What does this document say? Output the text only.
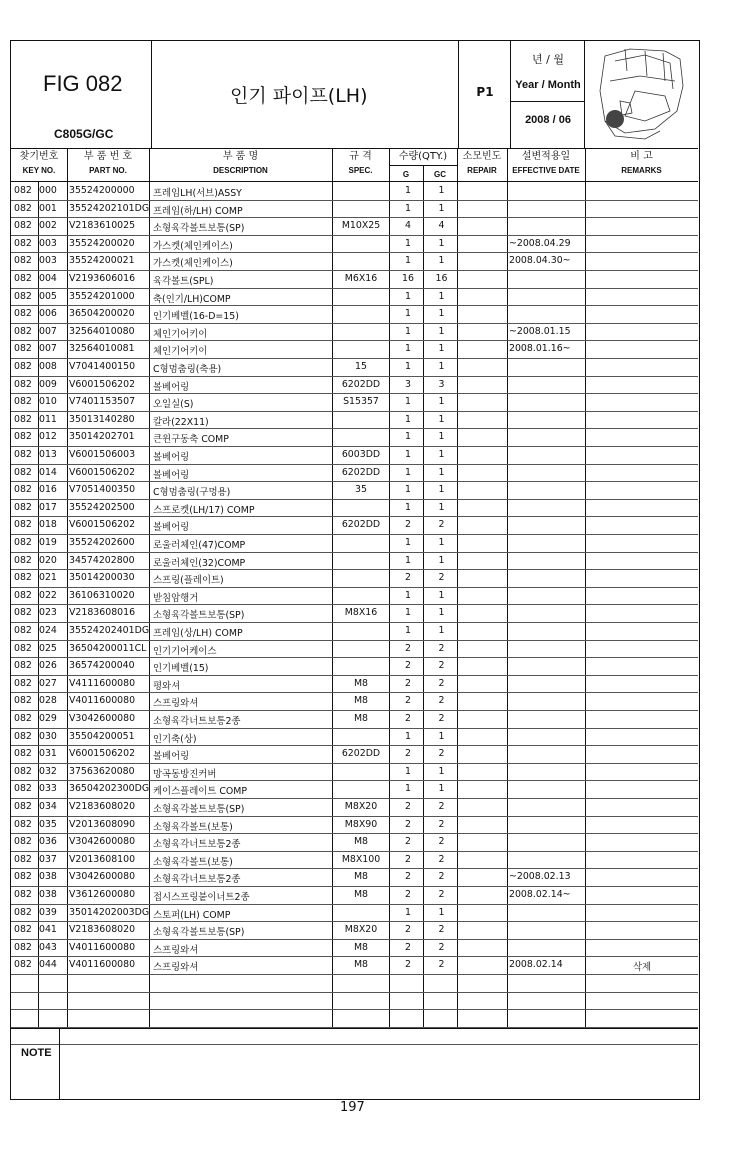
FIG 082
C805G/GC
인기 파이프(LH)	P1
년 / 월
Year / Month
2008 / 06
찾기번호
KEY NO.
부 품 번 호
PART NO.
부 품 명
DESCRIPTION
규 격
SPEC.
수량(QTY.)
G	GC
소모빈도
REPAIR
설변적용일
EFFECTIVE DATE
비 고
REMARKS
082 000	35524200000 프레임LH(서브)ASSY	1	1
082 001	35524202101DG 프레임(하/LH) COMP	1	1
082 002	V2183610025 소형육각볼트보통(SP)	M10X25	4	4
082 003	35524200020 가스켓(체인케이스)	1	1	~2008.04.29
082 003	35524200021 가스켓(체인케이스)	1	1	2008.04.30~
082 004	V2193606016 육각볼트(SPL)	M6X16	16	16
082 005	35524201000 축(인기/LH)COMP	1	1
082 006	36504200020 인기베벨(16-D=15)	1	1
082 007	32564010080 체인기어키이	1	1	~2008.01.15
082 007	32564010081 체인기어키이	1	1	2008.01.16~
082 008	V7041400150 C형멈춤링(축용)	15	1	1
082 009	V6001506202 볼베어링	6202DD	3	3
082 010	V7401153507 오일실(S)	S15357	1	1
082 011	35013140280 칼라(22X11)	1	1
082 012	35014202701 큰윈구동축 COMP	1	1
082 013	V6001506003 볼베어링	6003DD	1	1
082 014	V6001506202 볼베어링	6202DD	1	1
082 016	V7051400350 C형멈춤링(구멍용)	35	1	1
082 017	35524202500 스프로켓(LH/17) COMP	1	1
082 018	V6001506202 볼베어링	6202DD	2	2
082 019	35524202600 로울러체인(47)COMP	1	1
082 020	34574202800 로울러체인(32)COMP	1	1
082 021	35014200030 스프링(플레이트)	2	2
082 022	36106310020 받침암행거	1	1
082 023	V2183608016 소형육각볼트보통(SP)	M8X16	1	1
082 024	35524202401DG 프레임(상/LH) COMP	1	1
082 025	36504200011CL 인기기어케이스	2	2
082 026	36574200040 인기베벨(15)	2	2
082 027	V4111600080 평와셔	M8	2	2
082 028	V4011600080 스프링와셔	M8	2	2
082 029	V3042600080 소형육각너트보통2종	M8	2	2
082 030	35504200051 인기축(상)	1	1
082 031	V6001506202 볼베어링	6202DD	2	2
082 032	37563620080 망곡동방진커버	1	1
082 033	36504202300DG 케이스플레이트 COMP	1	1
082 034	V2183608020 소형육각볼트보통(SP)	M8X20	2	2
082 035	V2013608090 소형육각볼트(보통)	M8X90	2	2
082 036	V3042600080 소형육각너트보통2종	M8	2	2
082 037	V2013608100 소형육각볼트(보통)	M8X100	2	2
082 038	V3042600080 소형육각너트보통2종	M8	2	2	~2008.02.13
082 038	V3612600080 접시스프링붙이너트2종	M8	2	2	2008.02.14~
082 039	35014202003DG 스토퍼(LH) COMP	1	1
082 041	V2183608020 소형육각볼트보통(SP)	M8X20	2	2
082 043	V4011600080 스프링와셔	M8	2	2
082 044	V4011600080 스프링와셔	M8	2	2	2008.02.14	삭제
NOTE
197
